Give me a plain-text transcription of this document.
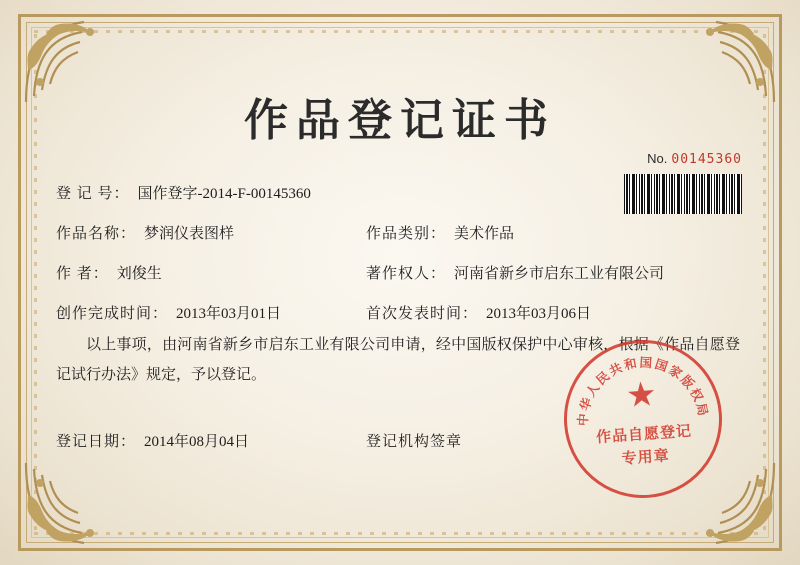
作品登记证书
No. 00145360
登 记 号： 国作登字-2014-F-00145360
作品名称： 梦润仪表图样	作品类别： 美术作品
作 者： 刘俊生	著作权人： 河南省新乡市启东工业有限公司
创作完成时间： 2013年03月01日	首次发表时间： 2013年03月06日
以上事项，由河南省新乡市启东工业有限公司申请，经中国版权保护中心审核，根据《作品自愿登记试行办法》规定，予以登记。
登记日期： 2014年08月04日	登记机构签章
中华人民共和国国家版权局
★
作品自愿登记
专用章
